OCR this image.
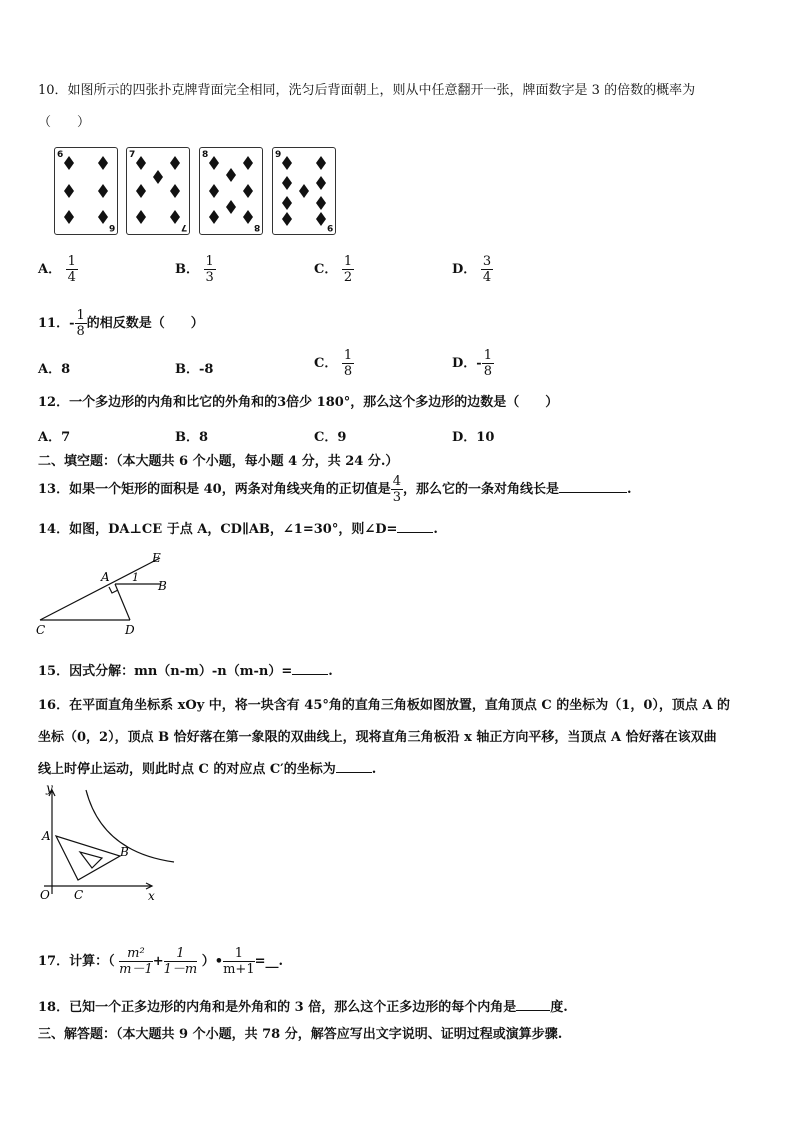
10．如图所示的四张扑克牌背面完全相同，洗匀后背面朝上，则从中任意翻开一张，牌面数字是 3 的倍数的概率为
（　　）
6
6
7
7
8
8
9
9
A． $\frac{1}{4}$	B． $\frac{1}{3}$	C． $\frac{1}{2}$	D． $\frac{3}{4}$
11．- $\frac{1}{8}$ 的相反数是（　　）
A．8	B．-8	C． $\frac{1}{8}$	D．- $\frac{1}{8}$
12．一个多边形的内角和比它的外角和的3倍少 180°，那么这个多边形的边数是（　　）
A．7	B．8	C．9	D．10
二、填空题：（本大题共 6 个小题，每小题 4 分，共 24 分.）
13．如果一个矩形的面积是 40，两条对角线夹角的正切值是 $\frac{4}{3}$ ，那么它的一条对角线长是	.
14．如图，DA⊥CE 于点 A，CD∥AB，∠1=30°，则∠D=	.
E
A 1
B
C	D
15．因式分解：mn（n-m）-n（m-n）=	.
16．在平面直角坐标系 xOy 中，将一块含有 45°角的直角三角板如图放置，直角顶点 C 的坐标为（1，0），顶点 A 的
坐标（0，2），顶点 B 恰好落在第一象限的双曲线上，现将直角三角板沿 x 轴正方向平移，当顶点 A 恰好落在该双曲
线上时停止运动，则此时点 C 的对应点 C′的坐标为	.
y
A
B
O C	x
17．计算：（ $\frac{\text{m²}}{m-1} + \frac{1}{1-m}$ ）• $\frac{1}{m+1}$ =__.
18．已知一个正多边形的内角和是外角和的 3 倍，那么这个正多边形的每个内角是	度.
三、解答题：（本大题共 9 个小题，共 78 分，解答应写出文字说明、证明过程或演算步骤.
